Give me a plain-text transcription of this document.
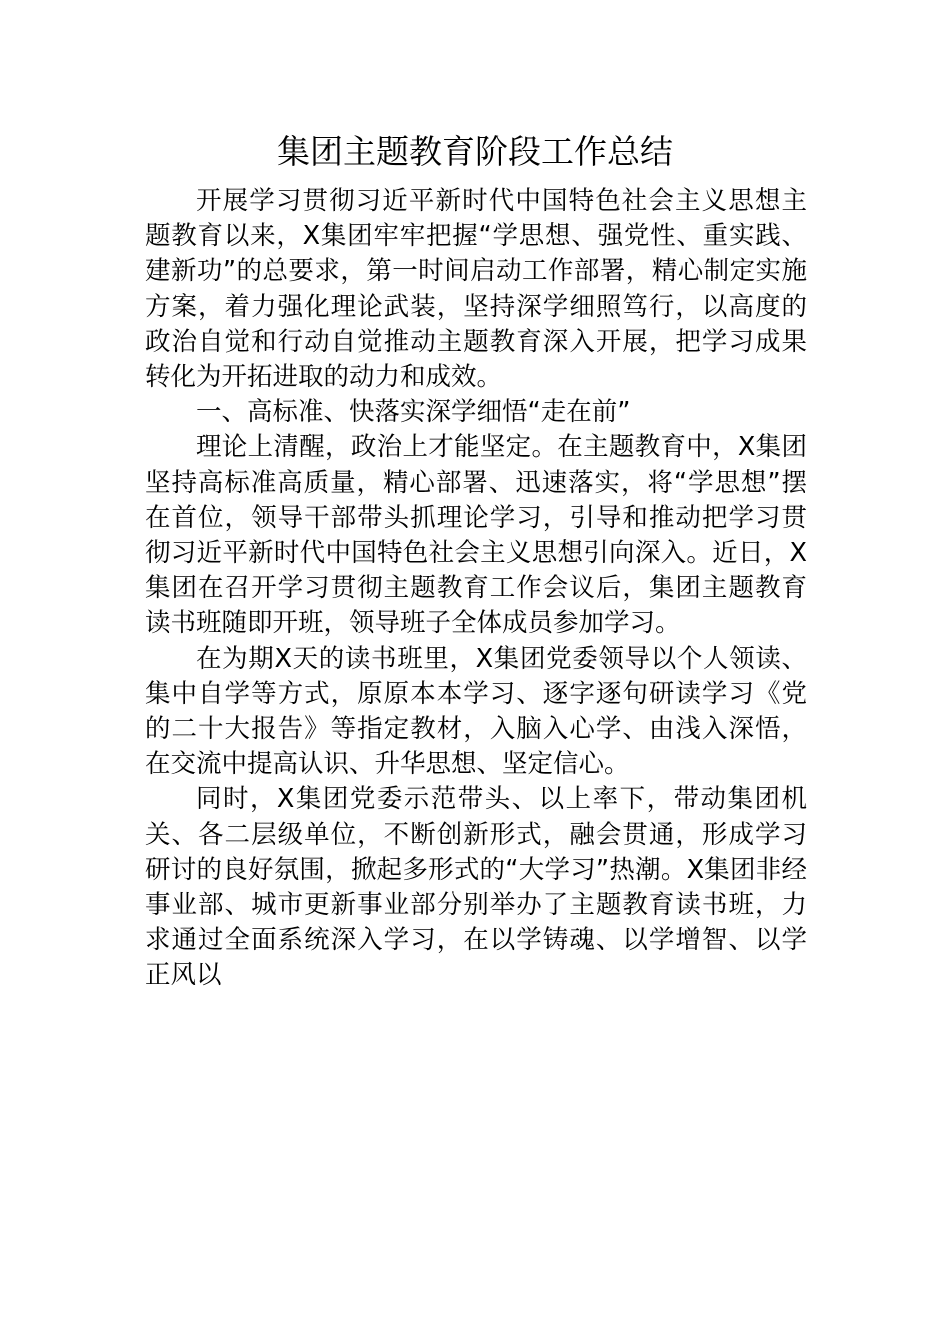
集团主题教育阶段工作总结

开展学习贯彻习近平新时代中国特色社会主义思想主题教育以来，X集团牢牢把握“学思想、强党性、重实践、建新功”的总要求，第一时间启动工作部署，精心制定实施方案，着力强化理论武装，坚持深学细照笃行，以高度的政治自觉和行动自觉推动主题教育深入开展，把学习成果转化为开拓进取的动力和成效。

一、高标准、快落实深学细悟“走在前”

理论上清醒，政治上才能坚定。在主题教育中，X集团坚持高标准高质量，精心部署、迅速落实，将“学思想”摆在首位，领导干部带头抓理论学习，引导和推动把学习贯彻习近平新时代中国特色社会主义思想引向深入。近日，X集团在召开学习贯彻主题教育工作会议后，集团主题教育读书班随即开班，领导班子全体成员参加学习。

在为期X天的读书班里，X集团党委领导以个人领读、集中自学等方式，原原本本学习、逐字逐句研读学习《党的二十大报告》等指定教材，入脑入心学、由浅入深悟，在交流中提高认识、升华思想、坚定信心。

同时，X集团党委示范带头、以上率下，带动集团机关、各二层级单位，不断创新形式，融会贯通，形成学习研讨的良好氛围，掀起多形式的“大学习”热潮。X集团非经事业部、城市更新事业部分别举办了主题教育读书班，力求通过全面系统深入学习，在以学铸魂、以学增智、以学正风以
